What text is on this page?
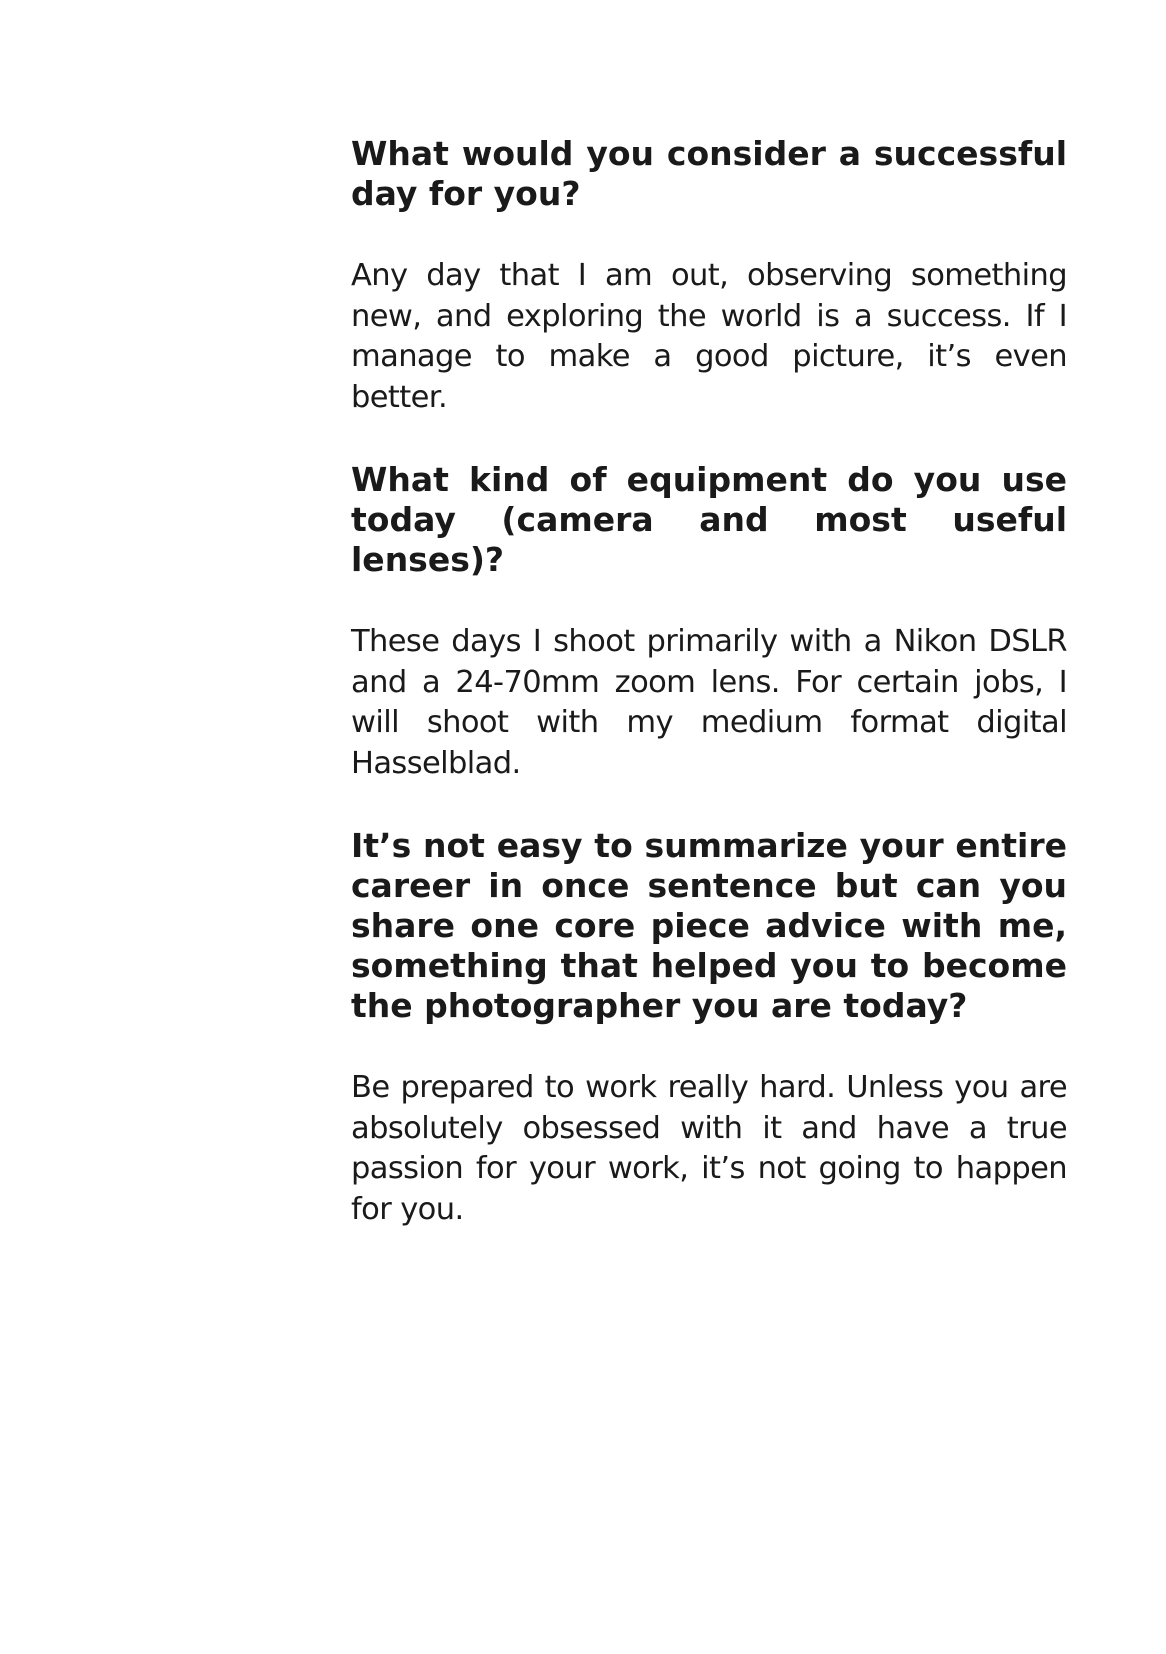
What would you consider a successful day for you?

Any day that I am out, observing something new, and exploring the world is a success. If I manage to make a good picture, it’s even better.

What kind of equipment do you use today (camera and most useful lenses)?

These days I shoot primarily with a Nikon DSLR and a 24-70mm zoom lens. For certain jobs, I will shoot with my medium format digital Hasselblad.

It’s not easy to summarize your entire career in once sentence but can you share one core piece advice with me, something that helped you to become the photographer you are today?

Be prepared to work really hard. Unless you are absolutely obsessed with it and have a true passion for your work, it’s not going to happen for you.
